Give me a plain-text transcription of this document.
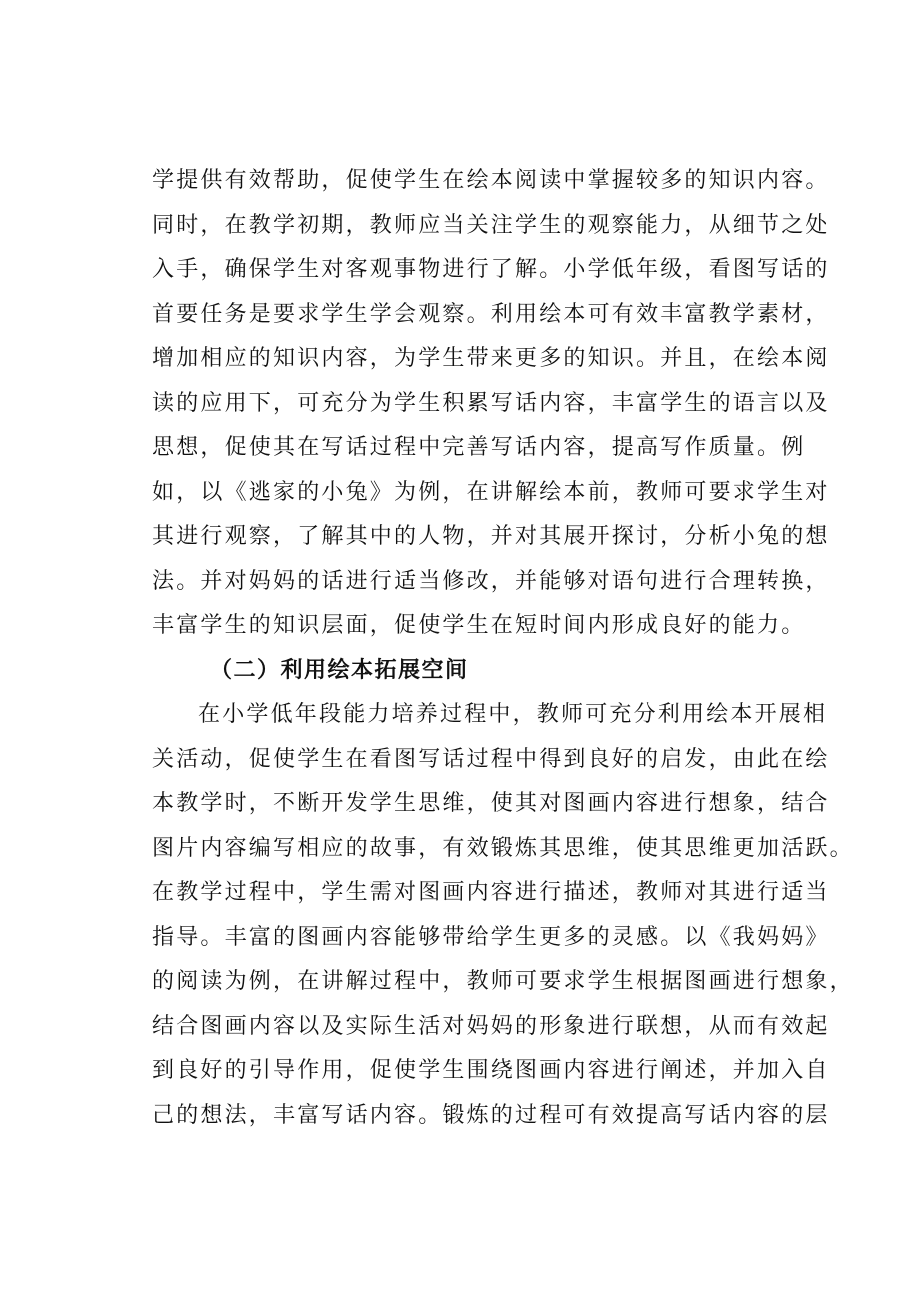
学提供有效帮助，促使学生在绘本阅读中掌握较多的知识内容。
同时，在教学初期，教师应当关注学生的观察能力，从细节之处
入手，确保学生对客观事物进行了解。小学低年级，看图写话的
首要任务是要求学生学会观察。利用绘本可有效丰富教学素材，
增加相应的知识内容，为学生带来更多的知识。并且，在绘本阅
读的应用下，可充分为学生积累写话内容，丰富学生的语言以及
思想，促使其在写话过程中完善写话内容，提高写作质量。例
如，以《逃家的小兔》为例，在讲解绘本前，教师可要求学生对
其进行观察，了解其中的人物，并对其展开探讨，分析小兔的想
法。并对妈妈的话进行适当修改，并能够对语句进行合理转换，
丰富学生的知识层面，促使学生在短时间内形成良好的能力。
（二）利用绘本拓展空间
在小学低年段能力培养过程中，教师可充分利用绘本开展相
关活动，促使学生在看图写话过程中得到良好的启发，由此在绘
本教学时，不断开发学生思维，使其对图画内容进行想象，结合
图片内容编写相应的故事，有效锻炼其思维，使其思维更加活跃。
在教学过程中，学生需对图画内容进行描述，教师对其进行适当
指导。丰富的图画内容能够带给学生更多的灵感。以《我妈妈》
的阅读为例，在讲解过程中，教师可要求学生根据图画进行想象，
结合图画内容以及实际生活对妈妈的形象进行联想，从而有效起
到良好的引导作用，促使学生围绕图画内容进行阐述，并加入自
己的想法，丰富写话内容。锻炼的过程可有效提高写话内容的层
